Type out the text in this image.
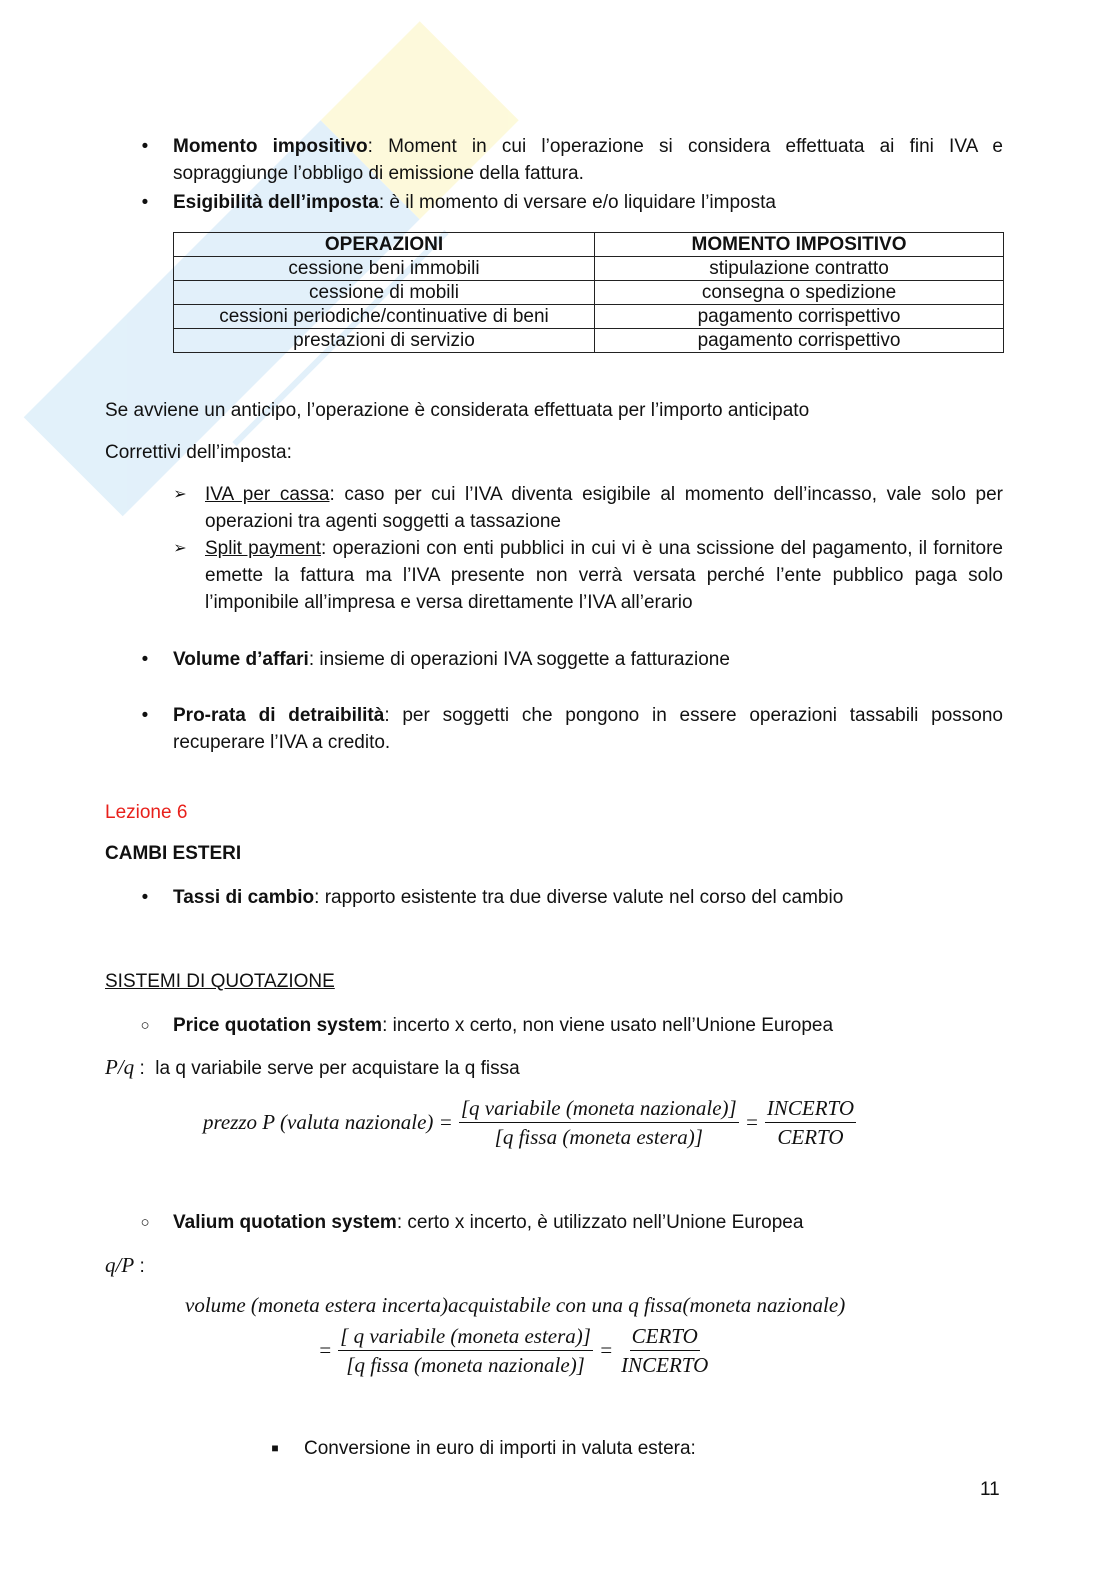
•	Momento impositivo: Moment in cui l’operazione si considera effettuata ai fini IVA e sopraggiunge l’obbligo di emissione della fattura.
•	Esigibilità dell’imposta: è il momento di versare e/o liquidare l’imposta
OPERAZIONI	MOMENTO IMPOSITIVO
cessione beni immobili	stipulazione contratto
cessione di mobili	consegna o spedizione
cessioni periodiche/continuative di beni	pagamento corrispettivo
prestazioni di servizio	pagamento corrispettivo
Se avviene un anticipo, l’operazione è considerata effettuata per l’importo anticipato
Correttivi dell’imposta:
➢ IVA per cassa: caso per cui l’IVA diventa esigibile al momento dell’incasso, vale solo per operazioni tra agenti soggetti a tassazione
➢ Split payment: operazioni con enti pubblici in cui vi è una scissione del pagamento, il fornitore emette la fattura ma l’IVA presente non verrà versata perché l’ente pubblico paga solo l’imponibile all’impresa e versa direttamente l’IVA all’erario
•	Volume d’affari: insieme di operazioni IVA soggette a fatturazione
•	Pro-rata di detraibilità: per soggetti che pongono in essere operazioni tassabili possono recuperare l’IVA a credito.
Lezione 6
CAMBI ESTERI
•	Tassi di cambio: rapporto esistente tra due diverse valute nel corso del cambio
SISTEMI DI QUOTAZIONE
○ Price quotation system: incerto x certo, non viene usato nell’Unione Europea
P/q :  la q variabile serve per acquistare la q fissa
prezzo P (valuta nazionale) = $\frac{\text{[q variabile (moneta nazionale)]}}{\text{[q fissa (moneta estera)]}} = \frac{\text{INCERTO}}{\text{CERTO}}$
○ Valium quotation system: certo x incerto, è utilizzato nell’Unione Europea
q/P :
volume (moneta estera incerta)acquistabile con una q fissa(moneta nazionale)
= $\frac{\text{[ q variabile (moneta estera)]}}{\text{[q fissa (moneta nazionale)]}} = \frac{\text{CERTO}}{\text{INCERTO}}$
■	Conversione in euro di importi in valuta estera:
11
